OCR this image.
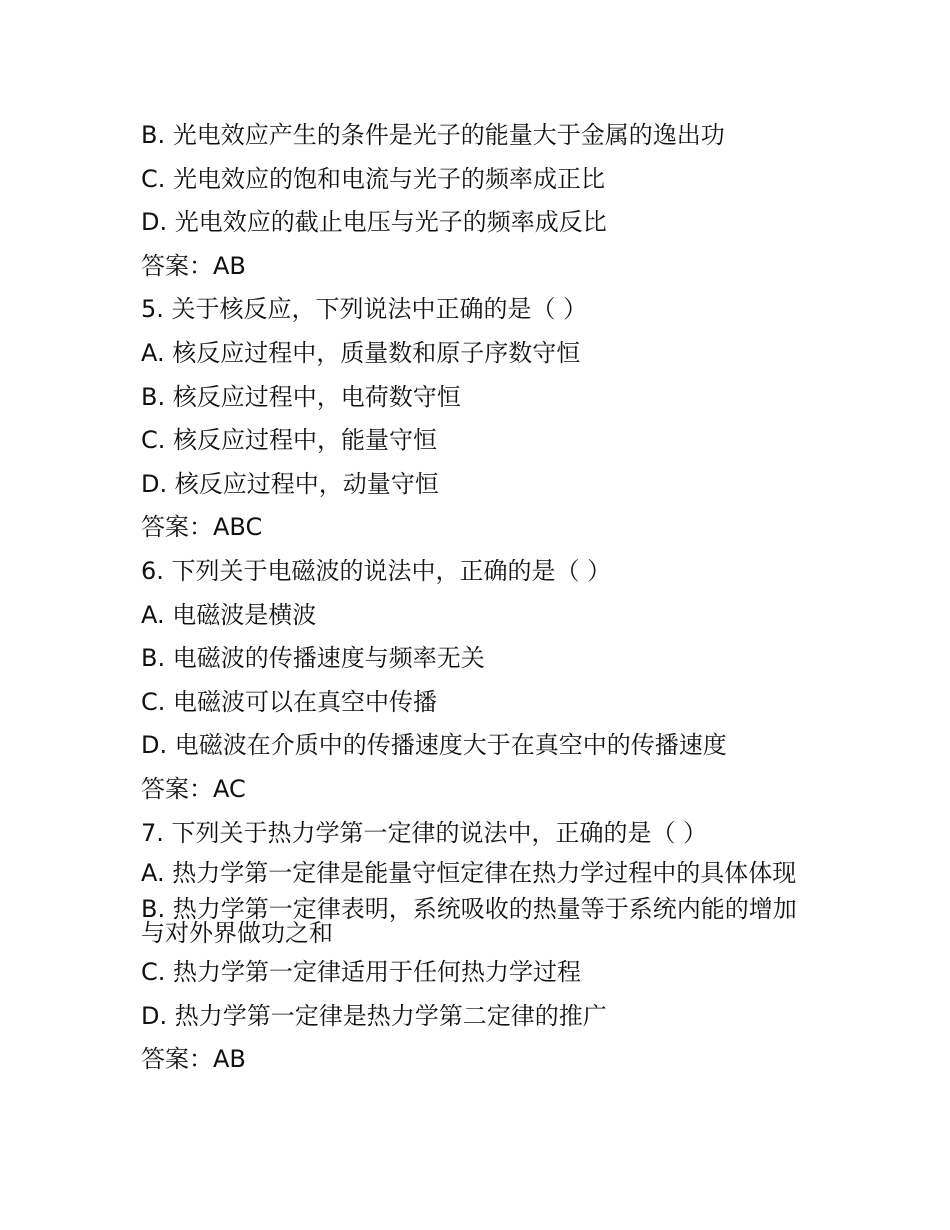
B. 光电效应产生的条件是光子的能量大于金属的逸出功
C. 光电效应的饱和电流与光子的频率成正比
D. 光电效应的截止电压与光子的频率成反比
答案：AB
5. 关于核反应，下列说法中正确的是（ ）
A. 核反应过程中，质量数和原子序数守恒
B. 核反应过程中，电荷数守恒
C. 核反应过程中，能量守恒
D. 核反应过程中，动量守恒
答案：ABC
6. 下列关于电磁波的说法中，正确的是（ ）
A. 电磁波是横波
B. 电磁波的传播速度与频率无关
C. 电磁波可以在真空中传播
D. 电磁波在介质中的传播速度大于在真空中的传播速度
答案：AC
7. 下列关于热力学第一定律的说法中，正确的是（ ）
A. 热力学第一定律是能量守恒定律在热力学过程中的具体体现
B. 热力学第一定律表明，系统吸收的热量等于系统内能的增加与对外界做功之和
C. 热力学第一定律适用于任何热力学过程
D. 热力学第一定律是热力学第二定律的推广
答案：AB
